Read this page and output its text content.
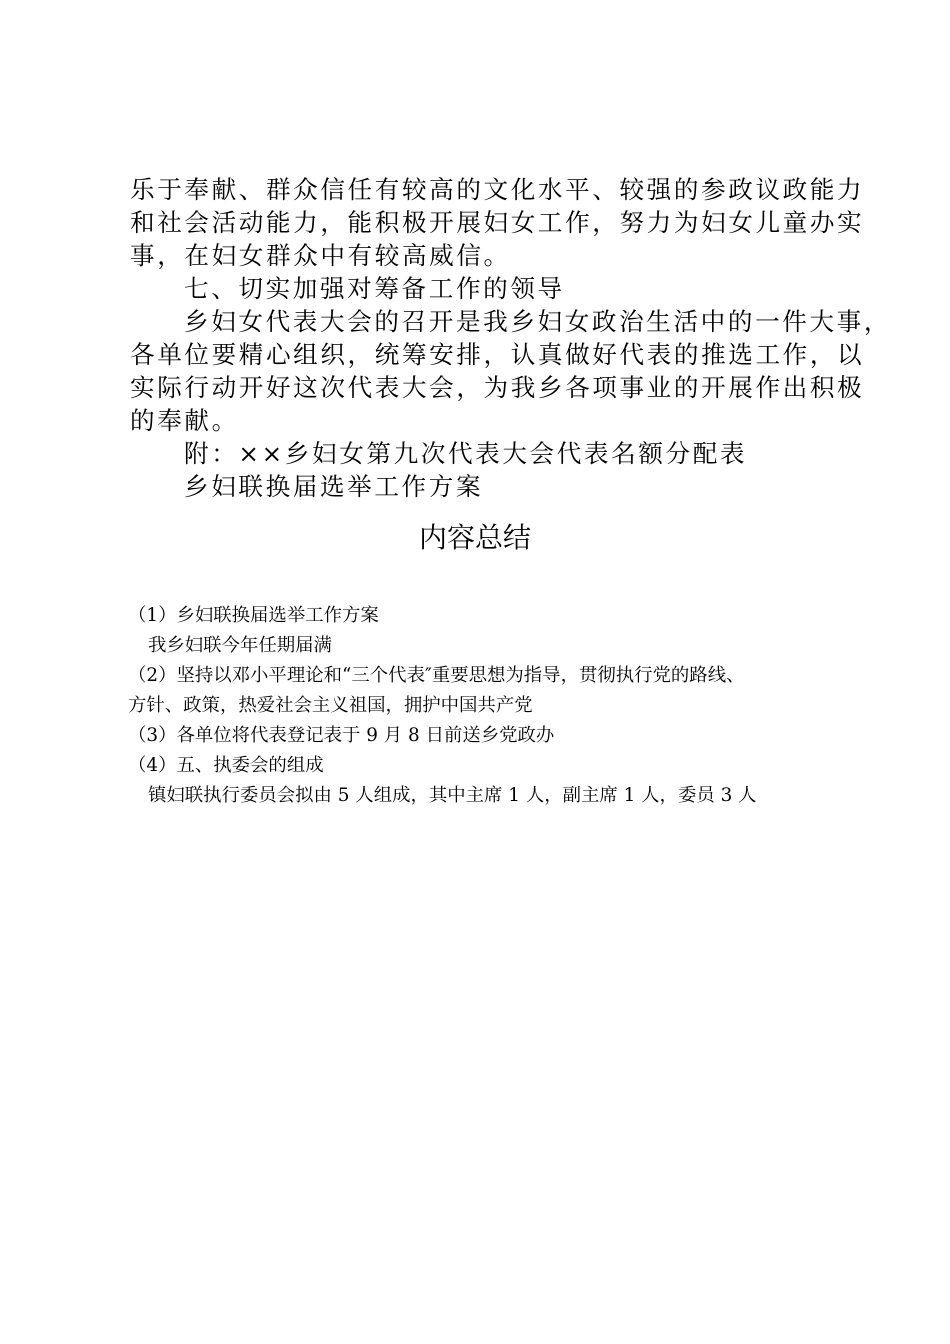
乐于奉献、群众信任有较高的文化水平、较强的参政议政能力

和社会活动能力，能积极开展妇女工作，努力为妇女儿童办实

事，在妇女群众中有较高威信。

七、切实加强对筹备工作的领导

乡妇女代表大会的召开是我乡妇女政治生活中的一件大事，

各单位要精心组织，统筹安排，认真做好代表的推选工作，以

实际行动开好这次代表大会，为我乡各项事业的开展作出积极

的奉献。

附：××乡妇女第九次代表大会代表名额分配表

乡妇联换届选举工作方案

内容总结

（1）乡妇联换届选举工作方案

我乡妇联今年任期届满

（2）坚持以邓小平理论和“三个代表″重要思想为指导，贯彻执行党的路线、

方针、政策，热爱社会主义祖国，拥护中国共产党

（3）各单位将代表登记表于 9 月 8 日前送乡党政办

（4）五、执委会的组成

镇妇联执行委员会拟由 5 人组成，其中主席 1 人，副主席 1 人，委员 3 人
